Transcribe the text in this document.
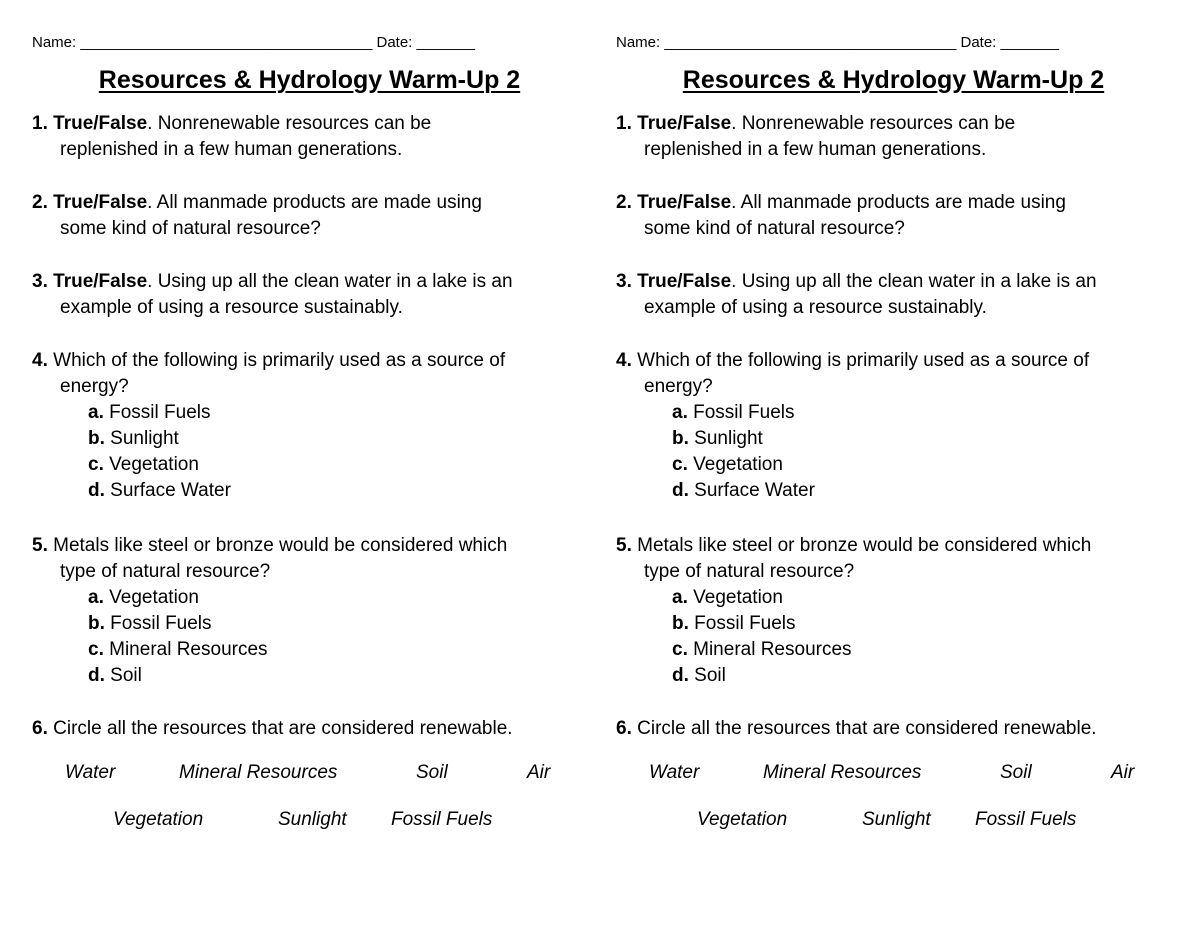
Name: ___________________________________ Date: _______
Resources & Hydrology Warm-Up 2
1. True/False. Nonrenewable resources can be
replenished in a few human generations.
2. True/False. All manmade products are made using
some kind of natural resource?
3. True/False. Using up all the clean water in a lake is an
example of using a resource sustainably.
4. Which of the following is primarily used as a source of
energy?
a. Fossil Fuels
b. Sunlight
c. Vegetation
d. Surface Water
5. Metals like steel or bronze would be considered which
type of natural resource?
a. Vegetation
b. Fossil Fuels
c. Mineral Resources
d. Soil
6. Circle all the resources that are considered renewable.
Water	Mineral Resources	Soil	Air
Vegetation	Sunlight Fossil Fuels
Name: ___________________________________ Date: _______
Resources & Hydrology Warm-Up 2
1. True/False. Nonrenewable resources can be
replenished in a few human generations.
2. True/False. All manmade products are made using
some kind of natural resource?
3. True/False. Using up all the clean water in a lake is an
example of using a resource sustainably.
4. Which of the following is primarily used as a source of
energy?
a. Fossil Fuels
b. Sunlight
c. Vegetation
d. Surface Water
5. Metals like steel or bronze would be considered which
type of natural resource?
a. Vegetation
b. Fossil Fuels
c. Mineral Resources
d. Soil
6. Circle all the resources that are considered renewable.
Water	Mineral Resources	Soil	Air
Vegetation	Sunlight Fossil Fuels
